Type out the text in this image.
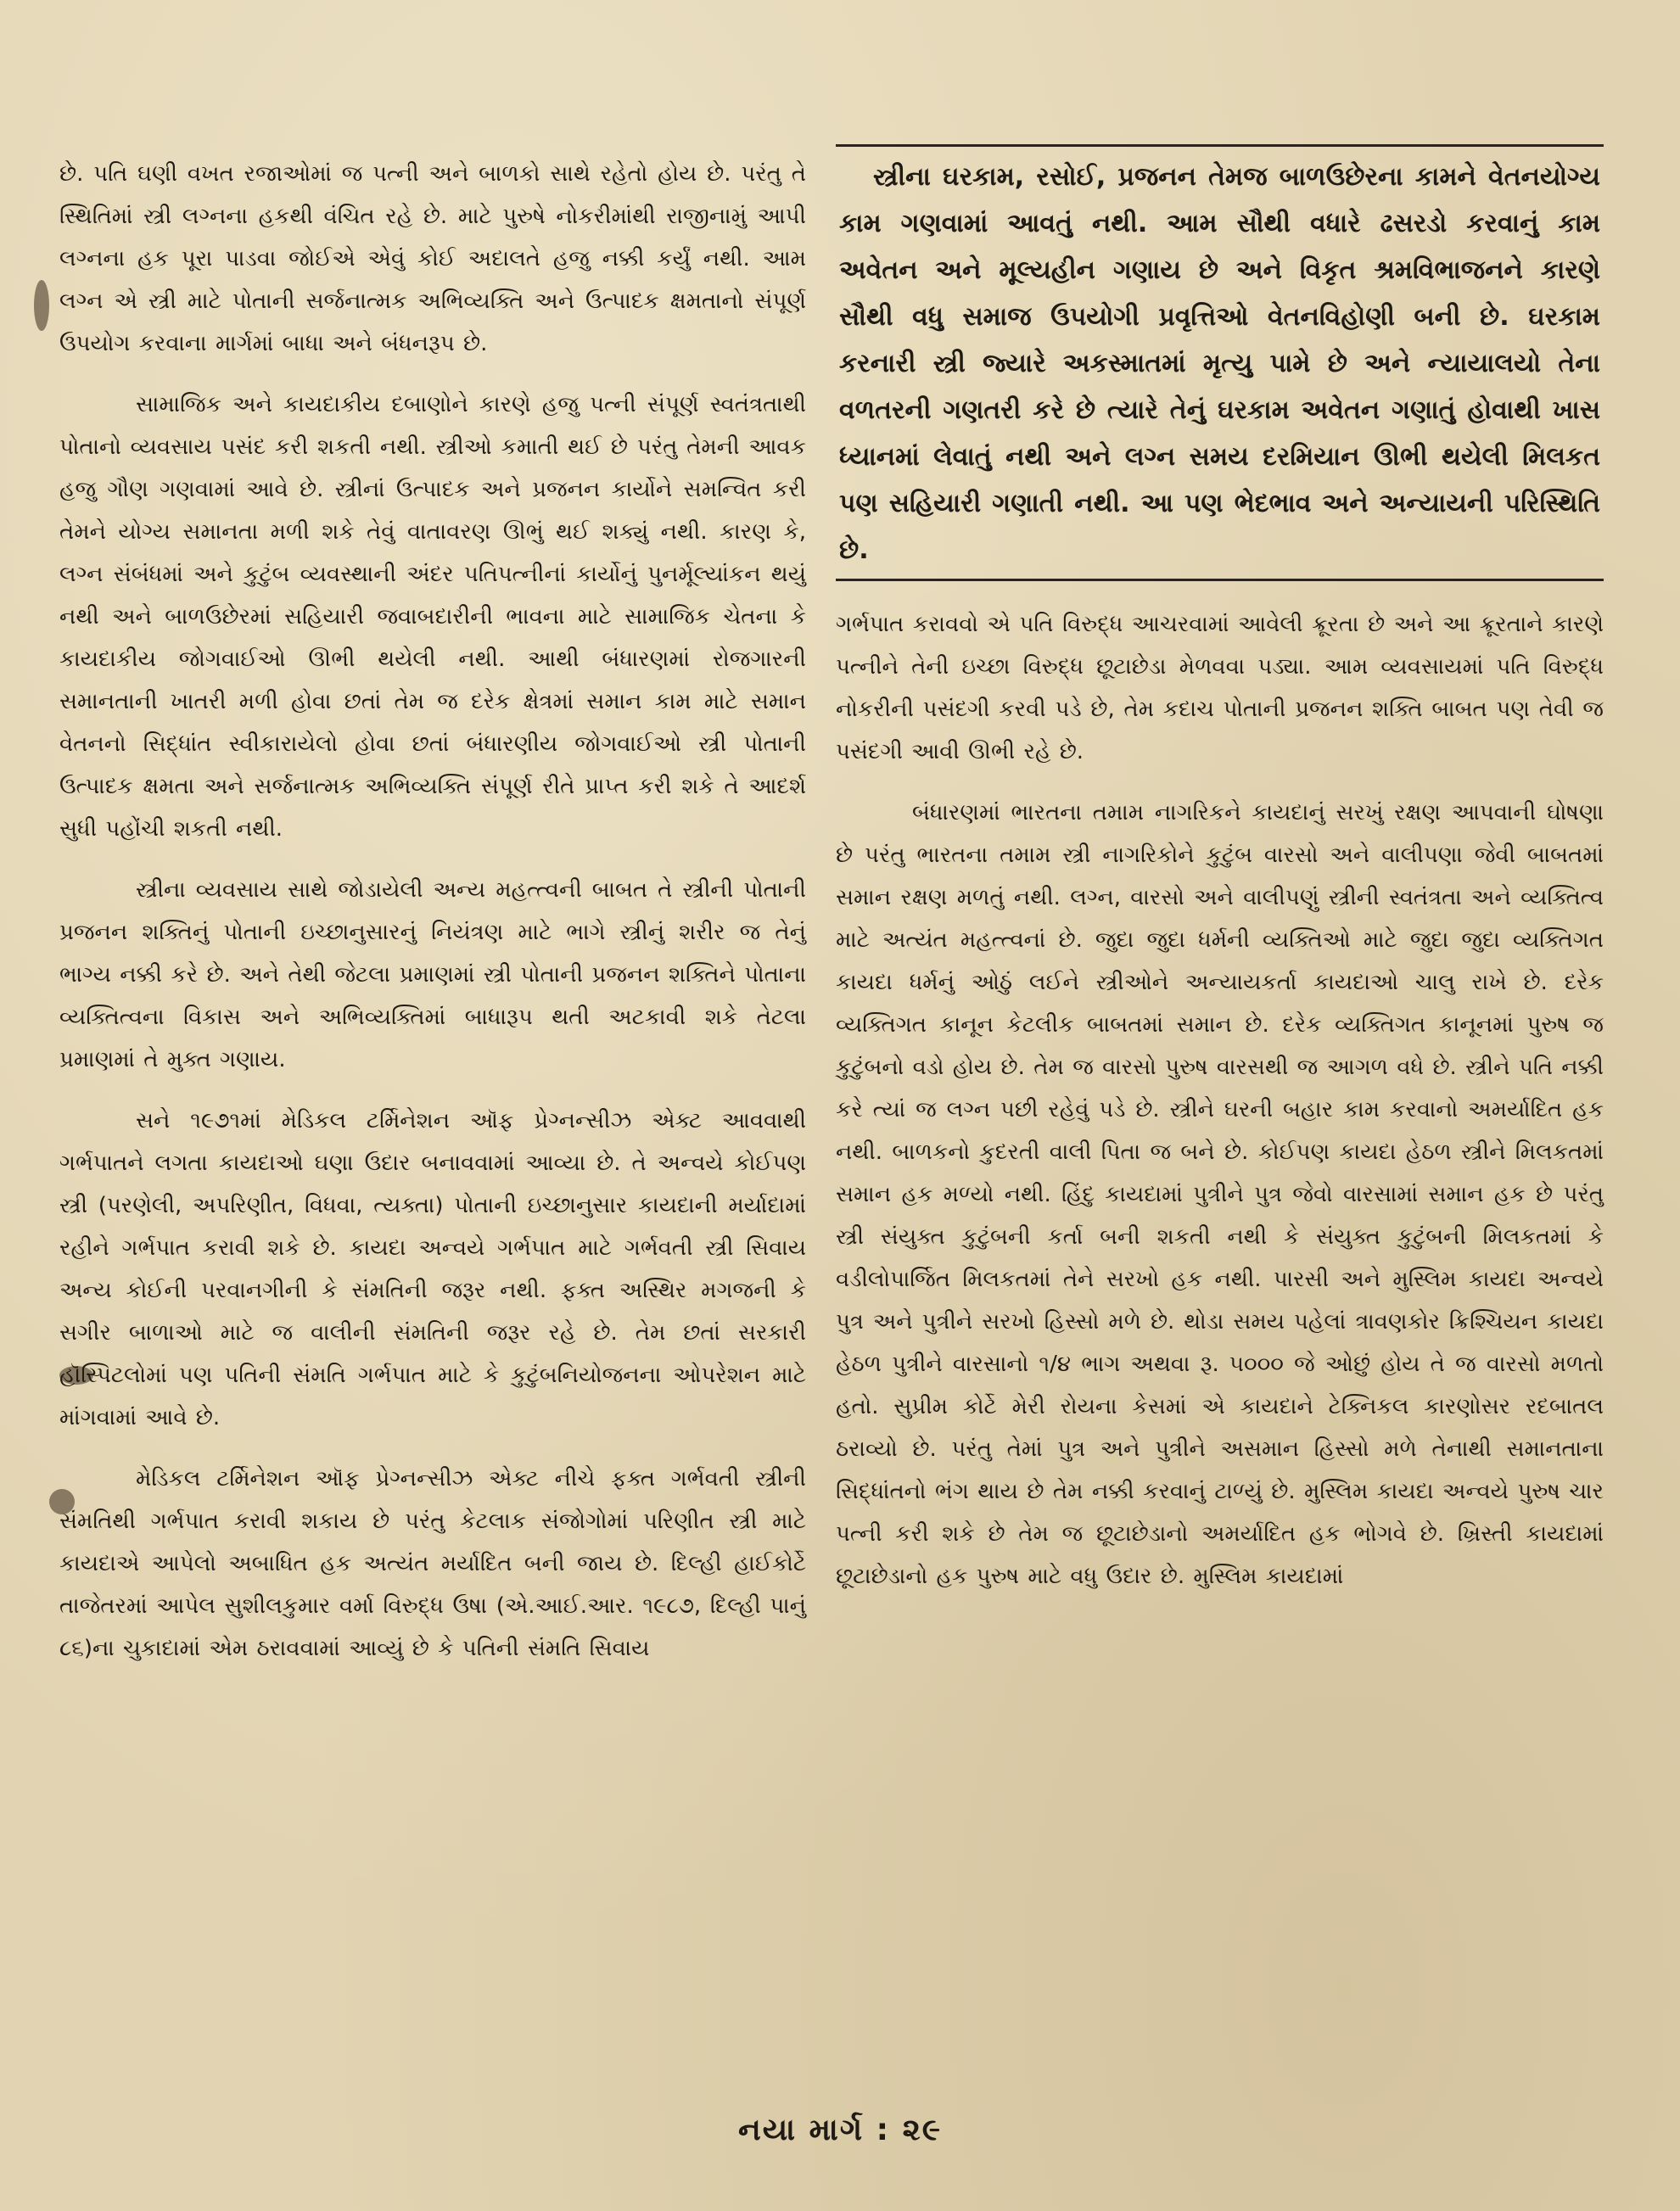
છે. પતિ ઘણી વખત રજાઓમાં જ પત્ની અને બાળકો સાથે રહેતો હોય છે. પરંતુ તે સ્થિતિમાં સ્ત્રી લગ્નના હકથી વંચિત રહે છે. માટે પુરુષે નોકરીમાંથી રાજીનામું આપી લગ્નના હક પૂરા પાડવા જોઈએ એવું કોઈ અદાલતે હજુ નક્કી કર્યું નથી. આમ લગ્ન એ સ્ત્રી માટે પોતાની સર્જનાત્મક અભિવ્યક્તિ અને ઉત્પાદક ક્ષમતાનો સંપૂર્ણ ઉપયોગ કરવાના માર્ગમાં બાધા અને બંધનરૂપ છે.

સામાજિક અને કાયદાકીય દબાણોને કારણે હજુ પત્ની સંપૂર્ણ સ્વતંત્રતાથી પોતાનો વ્યવસાય પસંદ કરી શકતી નથી. સ્ત્રીઓ કમાતી થઈ છે પરંતુ તેમની આવક હજુ ગૌણ ગણવામાં આવે છે. સ્ત્રીનાં ઉત્પાદક અને પ્રજનન કાર્યોને સમન્વિત કરી તેમને યોગ્ય સમાનતા મળી શકે તેવું વાતાવરણ ઊભું થઈ શક્યું નથી. કારણ કે, લગ્ન સંબંધમાં અને કુટુંબ વ્યવસ્થાની અંદર પતિપત્નીનાં કાર્યોનું પુનર્મૂલ્યાંકન થયું નથી અને બાળઉછેરમાં સહિયારી જવાબદારીની ભાવના માટે સામાજિક ચેતના કે કાયદાકીય જોગવાઈઓ ઊભી થયેલી નથી. આથી બંધારણમાં રોજગારની સમાનતાની ખાતરી મળી હોવા છતાં તેમ જ દરેક ક્ષેત્રમાં સમાન કામ માટે સમાન વેતનનો સિદ્ધાંત સ્વીકારાયેલો હોવા છતાં બંધારણીય જોગવાઈઓ સ્ત્રી પોતાની ઉત્પાદક ક્ષમતા અને સર્જનાત્મક અભિવ્યક્તિ સંપૂર્ણ રીતે પ્રાપ્ત કરી શકે તે આદર્શ સુધી પહોંચી શકતી નથી.

સ્ત્રીના વ્યવસાય સાથે જોડાયેલી અન્ય મહત્ત્વની બાબત તે સ્ત્રીની પોતાની પ્રજનન શક્તિનું પોતાની ઇચ્છાનુસારનું નિયંત્રણ માટે ભાગે સ્ત્રીનું શરીર જ તેનું ભાગ્ય નક્કી કરે છે. અને તેથી જેટલા પ્રમાણમાં સ્ત્રી પોતાની પ્રજનન શક્તિને પોતાના વ્યક્તિત્વના વિકાસ અને અભિવ્યક્તિમાં બાધારૂપ થતી અટકાવી શકે તેટલા પ્રમાણમાં તે મુક્ત ગણાય.

સને ૧૯૭૧માં મેડિકલ ટર્મિનેશન ઑફ પ્રેગ્નન્સીઝ એક્ટ આવવાથી ગર્ભપાતને લગતા કાયદાઓ ઘણા ઉદાર બનાવવામાં આવ્યા છે. તે અન્વયે કોઈપણ સ્ત્રી (પરણેલી, અપરિણીત, વિધવા, ત્યક્તા) પોતાની ઇચ્છાનુસાર કાયદાની મર્યાદામાં રહીને ગર્ભપાત કરાવી શકે છે. કાયદા અન્વયે ગર્ભપાત માટે ગર્ભવતી સ્ત્રી સિવાય અન્ય કોઈની પરવાનગીની કે સંમતિની જરૂર નથી. ફક્ત અસ્થિર મગજની કે સગીર બાળાઓ માટે જ વાલીની સંમતિની જરૂર રહે છે. તેમ છતાં સરકારી હૉસ્પિટલોમાં પણ પતિની સંમતિ ગર્ભપાત માટે કે કુટુંબનિયોજનના ઓપરેશન માટે માંગવામાં આવે છે.

મેડિકલ ટર્મિનેશન ઑફ પ્રેગ્નન્સીઝ એક્ટ નીચે ફક્ત ગર્ભવતી સ્ત્રીની સંમતિથી ગર્ભપાત કરાવી શકાય છે પરંતુ કેટલાક સંજોગોમાં પરિણીત સ્ત્રી માટે કાયદાએ આપેલો અબાધિત હક અત્યંત મર્યાદિત બની જાય છે. દિલ્હી હાઈકોર્ટે તાજેતરમાં આપેલ સુશીલકુમાર વર્મા વિરુદ્ધ ઉષા (એ.આઈ.આર. ૧૯૮૭, દિલ્હી પાનું ૮૬)ના ચુકાદામાં એમ ઠરાવવામાં આવ્યું છે કે પતિની સંમતિ સિવાય

સ્ત્રીના ઘરકામ, રસોઈ, પ્રજનન તેમજ બાળઉછેરના કામને વેતનયોગ્ય કામ ગણવામાં આવતું નથી. આમ સૌથી વધારે ઢસરડો કરવાનું કામ અવેતન અને મૂલ્યહીન ગણાય છે અને વિકૃત શ્રમવિભાજનને કારણે સૌથી વધુ સમાજ ઉપયોગી પ્રવૃત્તિઓ વેતનવિહોણી બની છે. ઘરકામ કરનારી સ્ત્રી જ્યારે અકસ્માતમાં મૃત્યુ પામે છે અને ન્યાયાલયો તેના વળતરની ગણતરી કરે છે ત્યારે તેનું ઘરકામ અવેતન ગણાતું હોવાથી ખાસ ધ્યાનમાં લેવાતું નથી અને લગ્ન સમય દરમિયાન ઊભી થયેલી મિલકત પણ સહિયારી ગણાતી નથી. આ પણ ભેદભાવ અને અન્યાયની પરિસ્થિતિ છે.

ગર્ભપાત કરાવવો એ પતિ વિરુદ્ધ આચરવામાં આવેલી ક્રૂરતા છે અને આ ક્રૂરતાને કારણે પત્નીને તેની ઇચ્છા વિરુદ્ધ છૂટાછેડા મેળવવા પડ્યા. આમ વ્યવસાયમાં પતિ વિરુદ્ધ નોકરીની પસંદગી કરવી પડે છે, તેમ કદાચ પોતાની પ્રજનન શક્તિ બાબત પણ તેવી જ પસંદગી આવી ઊભી રહે છે.

બંધારણમાં ભારતના તમામ નાગરિકને કાયદાનું સરખું રક્ષણ આપવાની ઘોષણા છે પરંતુ ભારતના તમામ સ્ત્રી નાગરિકોને કુટુંબ વારસો અને વાલીપણા જેવી બાબતમાં સમાન રક્ષણ મળતું નથી. લગ્ન, વારસો અને વાલીપણું સ્ત્રીની સ્વતંત્રતા અને વ્યક્તિત્વ માટે અત્યંત મહત્ત્વનાં છે. જુદા જુદા ધર્મની વ્યક્તિઓ માટે જુદા જુદા વ્યક્તિગત કાયદા ધર્મનું ઓઠું લઈને સ્ત્રીઓને અન્યાયકર્તા કાયદાઓ ચાલુ રાખે છે. દરેક વ્યક્તિગત કાનૂન કેટલીક બાબતમાં સમાન છે. દરેક વ્યક્તિગત કાનૂનમાં પુરુષ જ કુટુંબનો વડો હોય છે. તેમ જ વારસો પુરુષ વારસથી જ આગળ વધે છે. સ્ત્રીને પતિ નક્કી કરે ત્યાં જ લગ્ન પછી રહેવું પડે છે. સ્ત્રીને ઘરની બહાર કામ કરવાનો અમર્યાદિત હક નથી. બાળકનો કુદરતી વાલી પિતા જ બને છે. કોઈપણ કાયદા હેઠળ સ્ત્રીને મિલકતમાં સમાન હક મળ્યો નથી. હિંદુ કાયદામાં પુત્રીને પુત્ર જેવો વારસામાં સમાન હક છે પરંતુ સ્ત્રી સંયુક્ત કુટુંબની કર્તા બની શકતી નથી કે સંયુક્ત કુટુંબની મિલકતમાં કે વડીલોપાર્જિત મિલકતમાં તેને સરખો હક નથી. પારસી અને મુસ્લિમ કાયદા અન્વયે પુત્ર અને પુત્રીને સરખો હિસ્સો મળે છે. થોડા સમય પહેલાં ત્રાવણકોર ક્રિશ્ચિયન કાયદા હેઠળ પુત્રીને વારસાનો ૧/૪ ભાગ અથવા રૂ. ૫૦૦૦ જે ઓછું હોય તે જ વારસો મળતો હતો. સુપ્રીમ કોર્ટે મેરી રોયના કેસમાં એ કાયદાને ટેક્નિકલ કારણોસર રદબાતલ ઠરાવ્યો છે. પરંતુ તેમાં પુત્ર અને પુત્રીને અસમાન હિસ્સો મળે તેનાથી સમાનતાના સિદ્ધાંતનો ભંગ થાય છે તેમ નક્કી કરવાનું ટાળ્યું છે. મુસ્લિમ કાયદા અન્વયે પુરુષ ચાર પત્ની કરી શકે છે તેમ જ છૂટાછેડાનો અમર્યાદિત હક ભોગવે છે. ખ્રિસ્તી કાયદામાં છૂટાછેડાનો હક પુરુષ માટે વધુ ઉદાર છે. મુસ્લિમ કાયદામાં

નયા માર્ગ : ૨૯
